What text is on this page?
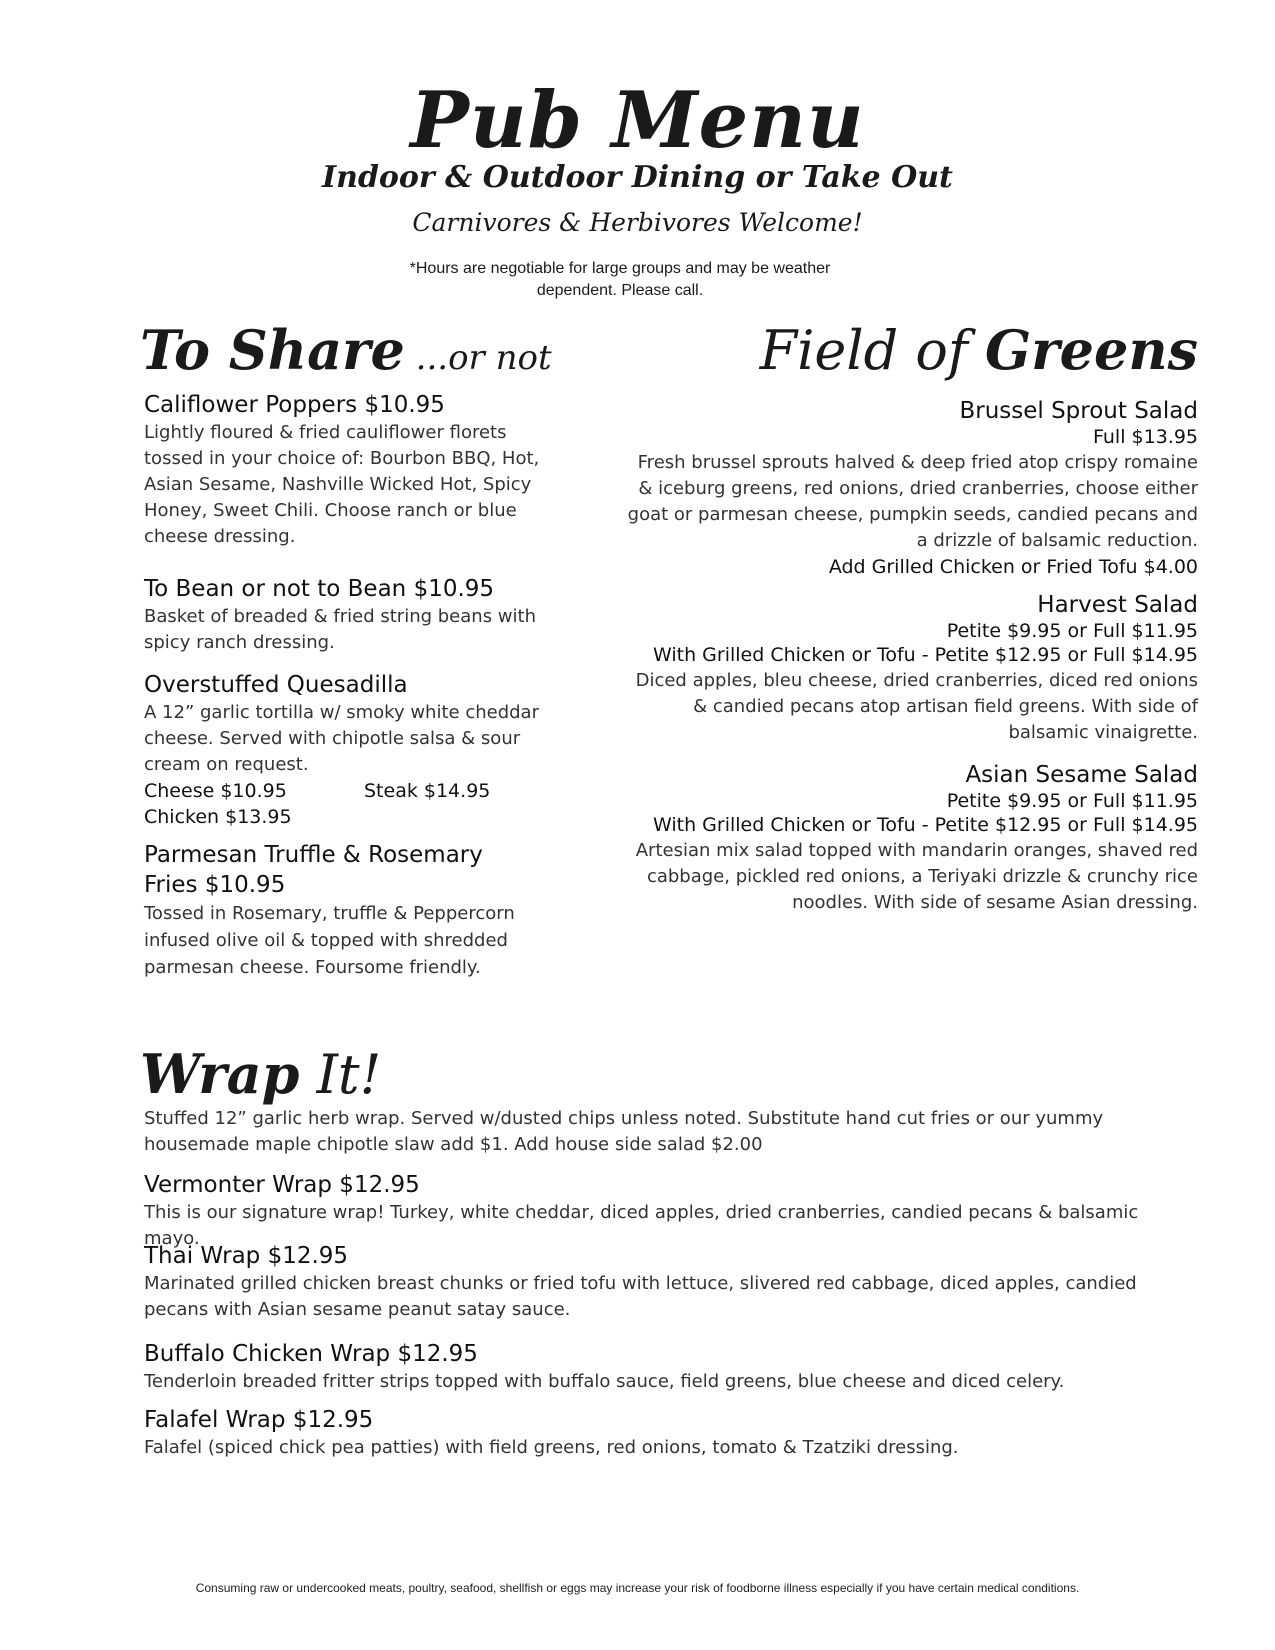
Pub Menu
Indoor & Outdoor Dining or Take Out
Carnivores & Herbivores Welcome!
*Hours are negotiable for large groups and may be weather
dependent. Please call.
To Share ...or not
Califlower Poppers $10.95
Lightly floured & fried cauliflower florets tossed in your choice of: Bourbon BBQ, Hot, Asian Sesame, Nashville Wicked Hot, Spicy Honey, Sweet Chili. Choose ranch or blue cheese dressing.
To Bean or not to Bean $10.95
Basket of breaded & fried string beans with spicy ranch dressing.
Overstuffed Quesadilla
A 12” garlic tortilla w/ smoky white cheddar cheese. Served with chipotle salsa & sour cream on request.
Cheese $10.95	Steak $14.95
Chicken $13.95
Parmesan Truffle & Rosemary
Fries $10.95
Tossed in Rosemary, truffle & Peppercorn infused olive oil & topped with shredded parmesan cheese. Foursome friendly.
Field of Greens
Brussel Sprout Salad
Full $13.95
Fresh brussel sprouts halved & deep fried atop crispy romaine & iceburg greens, red onions, dried cranberries, choose either goat or parmesan cheese, pumpkin seeds, candied pecans and a drizzle of balsamic reduction.
Add Grilled Chicken or Fried Tofu $4.00
Harvest Salad
Petite $9.95 or Full $11.95
With Grilled Chicken or Tofu - Petite $12.95 or Full $14.95
Diced apples, bleu cheese, dried cranberries, diced red onions & candied pecans atop artisan field greens. With side of balsamic vinaigrette.
Asian Sesame Salad
Petite $9.95 or Full $11.95
With Grilled Chicken or Tofu - Petite $12.95 or Full $14.95
Artesian mix salad topped with mandarin oranges, shaved red cabbage, pickled red onions, a Teriyaki drizzle & crunchy rice noodles. With side of sesame Asian dressing.
Wrap It!
Stuffed 12” garlic herb wrap. Served w/dusted chips unless noted. Substitute hand cut fries or our yummy housemade maple chipotle slaw add $1. Add house side salad $2.00
Vermonter Wrap $12.95
This is our signature wrap! Turkey, white cheddar, diced apples, dried cranberries, candied pecans & balsamic mayo.
Thai Wrap $12.95
Marinated grilled chicken breast chunks or fried tofu with lettuce, slivered red cabbage, diced apples, candied pecans with Asian sesame peanut satay sauce.
Buffalo Chicken Wrap $12.95
Tenderloin breaded fritter strips topped with buffalo sauce, field greens, blue cheese and diced celery.
Falafel Wrap $12.95
Falafel (spiced chick pea patties) with field greens, red onions, tomato & Tzatziki dressing.
Consuming raw or undercooked meats, poultry, seafood, shellfish or eggs may increase your risk of foodborne illness especially if you have certain medical conditions.
